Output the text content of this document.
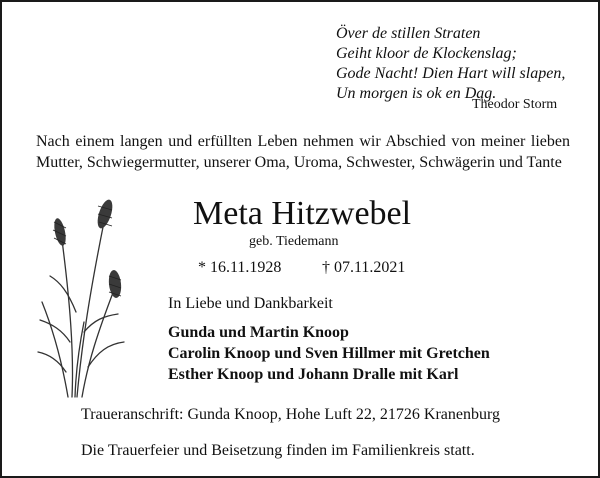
Över de stillen Straten
Geiht kloor de Klockenslag;
Gode Nacht! Dien Hart will slapen,
Un morgen is ok en Dag.
Theodor Storm
Nach einem langen und erfüllten Leben nehmen wir Abschied von meiner lieben Mutter, Schwiegermutter, unserer Oma, Uroma, Schwester, Schwägerin und Tante
Meta Hitzwebel
geb. Tiedemann
* 16.11.1928	† 07.11.2021
In Liebe und Dankbarkeit
Gunda und Martin Knoop
Carolin Knoop und Sven Hillmer mit Gretchen
Esther Knoop und Johann Dralle mit Karl
Traueranschrift: Gunda Knoop, Hohe Luft 22, 21726 Kranenburg
Die Trauerfeier und Beisetzung finden im Familienkreis statt.
